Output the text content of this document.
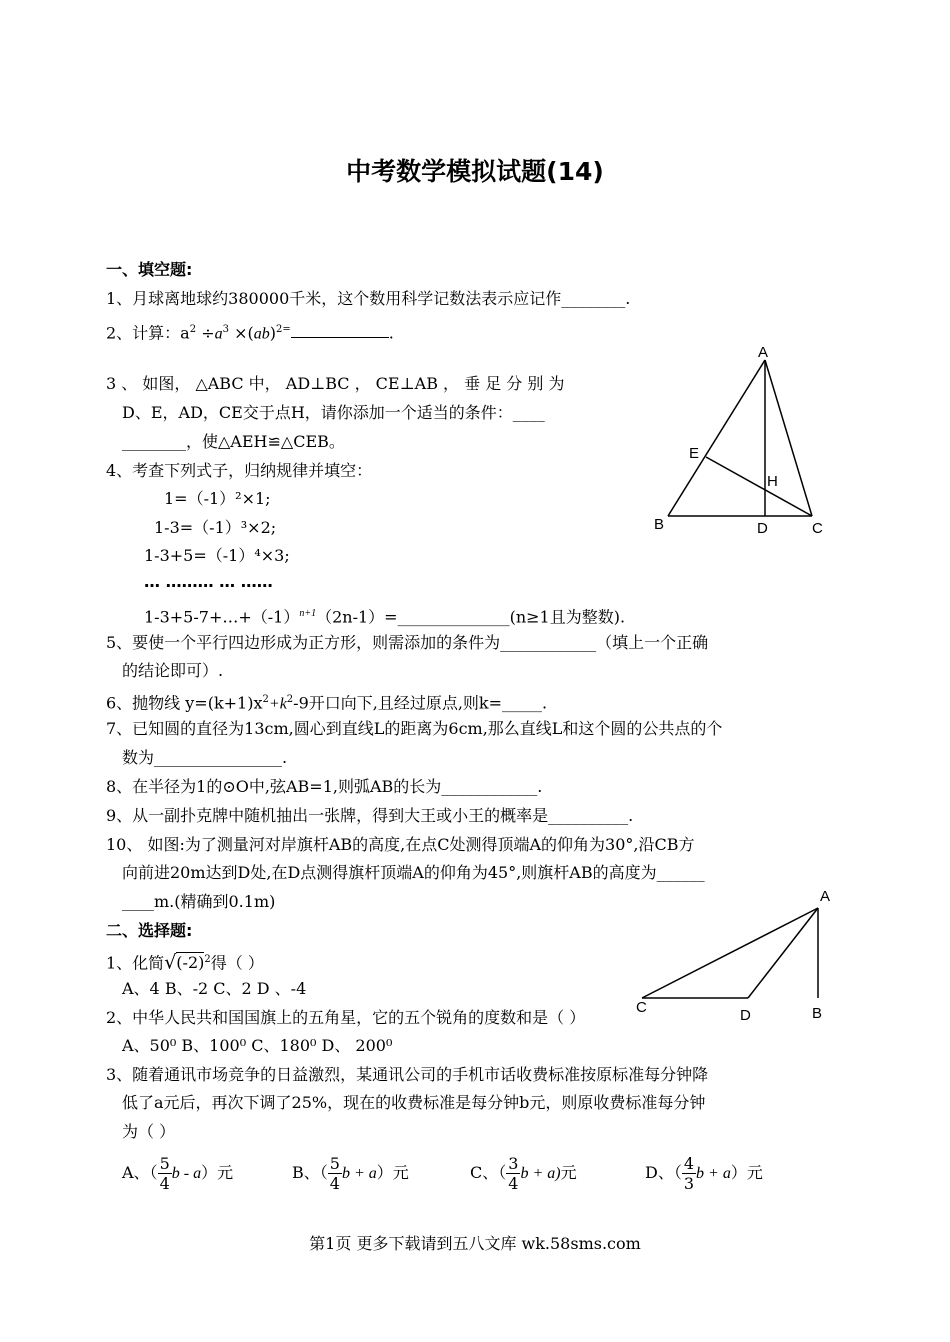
中考数学模拟试题(14)
一、填空题:
1、月球离地球约380000千米，这个数用科学记数法表示应记作________.
2、计算：$a^2 \div a^3 \times(ab)^{2=}$	.
3 、 如图， △ABC 中， AD⊥BC ， CE⊥AB ， 垂 足 分 别 为
D、E，AD，CE交于点H，请你添加一个适当的条件：____
________，使△AEH≌△CEB。
4、考查下列式子，归纳规律并填空：
1=（-1）²×1;
1-3=（-1）³×2;
1-3+5=（-1）⁴×3;
… ……… … ……
$1-3+5-7+\dots+(-1)^{n+1}(2n-1)=\_\_\_\_\_\_\_\_\_\_\_\_\_\_(n\ge 1$且为整数).
5、要使一个平行四边形成为正方形，则需添加的条件为____________（填上一个正确
的结论即可）.
6、抛物线 $y=(k+1)x^2+k^2-9$开口向下,且经过原点,则k=_____.
7、已知圆的直径为13cm,圆心到直线L的距离为6cm,那么直线L和这个圆的公共点的个
数为________________.
8、在半径为1的⊙O中,弦AB=1,则弧AB的长为____________.
9、从一副扑克牌中随机抽出一张牌，得到大王或小王的概率是__________.
10、 如图:为了测量河对岸旗杆AB的高度,在点C处测得顶端A的仰角为30°,沿CB方
向前进20m达到D处,在D点测得旗杆顶端A的仰角为45°,则旗杆AB的高度为______
____m.(精确到0.1m)
二、选择题:
1、化简$√(-2)^2$得（ ）
A、4 B、-2 C、2 D 、-4
2、中华人民共和国国旗上的五角星，它的五个锐角的度数和是（ ）
A、50⁰ B、100⁰ C、180⁰ D、 200⁰
3、随着通讯市场竞争的日益激烈，某通讯公司的手机市话收费标准按原标准每分钟降
低了a元后，再次下调了25%，现在的收费标准是每分钟b元，则原收费标准每分钟
为（ ）
A、（ $\frac{5}{4}$ b - a）元	B、（ $\frac{5}{4}$ b + a）元	C、（ $\frac{3}{4}$ b + a)元	D、（ $\frac{4}{3}$ b + a）元
A
B	C
D
E
H
A
B
C	D
第1页 更多下载请到五八文库 wk.58sms.com
